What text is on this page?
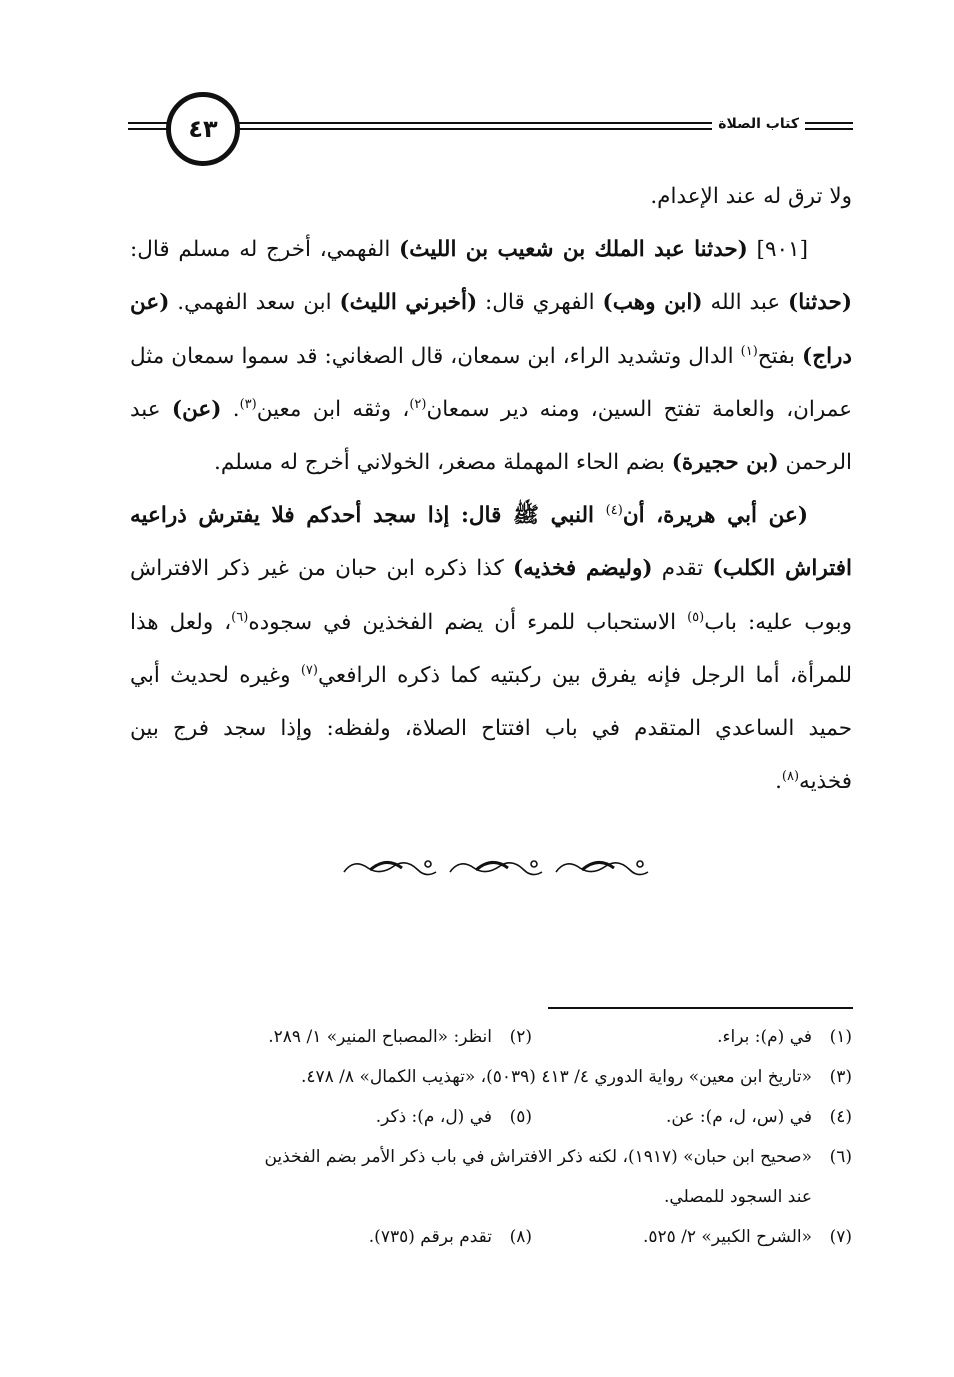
٤٣	كتاب الصلاة

ولا ترق له عند الإعدام.

[٩٠١] (حدثنا عبد الملك بن شعيب بن الليث) الفهمي، أخرج له مسلم قال: (حدثنا) عبد الله (ابن وهب) الفهري قال: (أخبرني الليث) ابن سعد الفهمي. (عن دراج) بفتح$^{(١)}$ الدال وتشديد الراء، ابن سمعان، قال الصغاني: قد سموا سمعان مثل عمران، والعامة تفتح السين، ومنه دير سمعان$^{(٢)}$، وثقه ابن معين$^{(٣)}$. (عن) عبد الرحمن (بن حجيرة) بضم الحاء المهملة مصغر، الخولاني أخرج له مسلم.

(عن أبي هريرة، أن$^{(٤)}$ النبي ﷺ قال: إذا سجد أحدكم فلا يفترش ذراعيه افتراش الكلب) تقدم (وليضم فخذيه) كذا ذكره ابن حبان من غير ذكر الافتراش وبوب عليه: باب$^{(٥)}$ الاستحباب للمرء أن يضم الفخذين في سجوده$^{(٦)}$، ولعل هذا للمرأة، أما الرجل فإنه يفرق بين ركبتيه كما ذكره الرافعي$^{(٧)}$ وغيره لحديث أبي حميد الساعدي المتقدم في باب افتتاح الصلاة، ولفظه: وإذا سجد فرج بين فخذيه$^{(٨)}$.

(١)في (م): براء.
(٢)انظر: «المصباح المنير» ١/ ٢٨٩.
(٣)«تاريخ ابن معين» رواية الدوري ٤/ ٤١٣ (٥٠٣٩)، «تهذيب الكمال» ٨/ ٤٧٨.
(٤)في (س، ل، م): عن.
(٥)في (ل، م): ذكر.
(٦)«صحيح ابن حبان» (١٩١٧)، لكنه ذكر الافتراش في باب ذكر الأمر بضم الفخذين
عند السجود للمصلي.
(٧)«الشرح الكبير» ٢/ ٥٢٥.
(٨)تقدم برقم (٧٣٥).
